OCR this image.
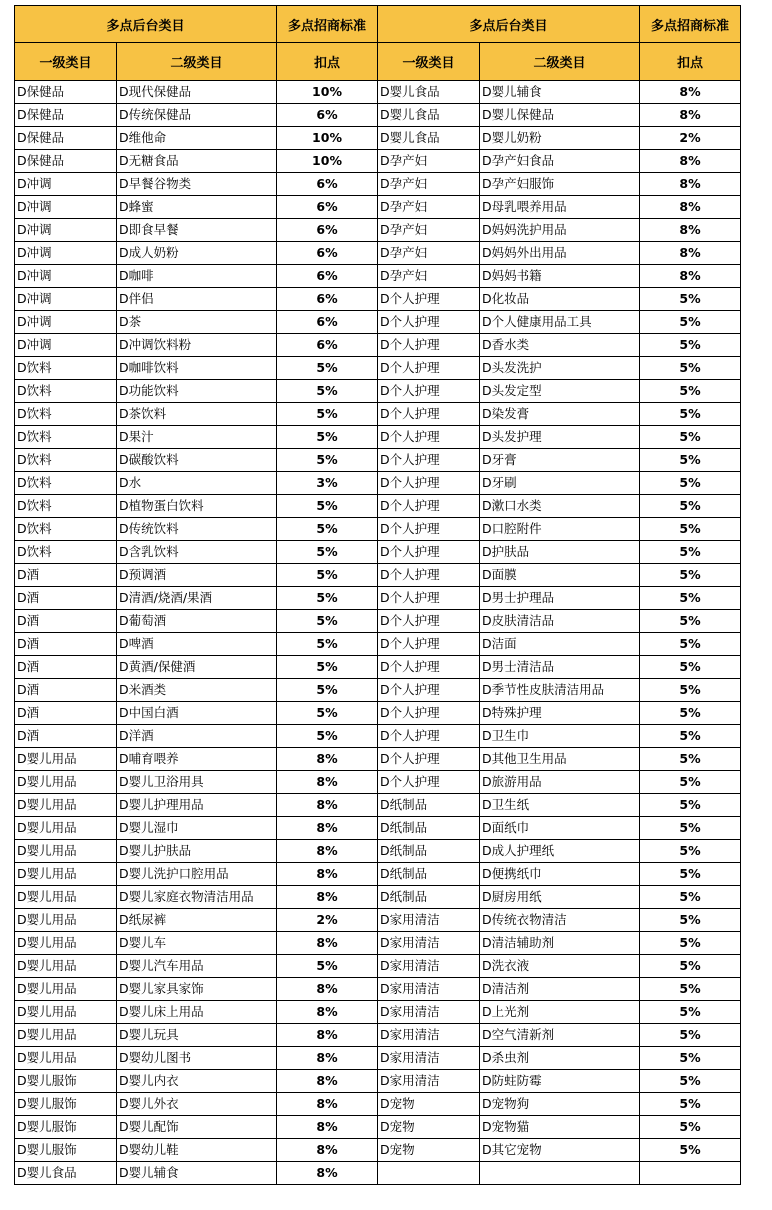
多点后台类目		多点招商标准	多点后台类目		多点招商标准
一级类目	二级类目	扣点	一级类目	二级类目	扣点
D保健品	D现代保健品	10%	D婴儿食品	D婴儿辅食	8%
D保健品	D传统保健品	6%	D婴儿食品	D婴儿保健品	8%
D保健品	D维他命	10%	D婴儿食品	D婴儿奶粉	2%
D保健品	D无糖食品	10%	D孕产妇	D孕产妇食品	8%
D冲调	D早餐谷物类	6%	D孕产妇	D孕产妇服饰	8%
D冲调	D蜂蜜	6%	D孕产妇	D母乳喂养用品	8%
D冲调	D即食早餐	6%	D孕产妇	D妈妈洗护用品	8%
D冲调	D成人奶粉	6%	D孕产妇	D妈妈外出用品	8%
D冲调	D咖啡	6%	D孕产妇	D妈妈书籍	8%
D冲调	D伴侣	6%	D个人护理	D化妆品	5%
D冲调	D茶	6%	D个人护理	D个人健康用品工具	5%
D冲调	D冲调饮料粉	6%	D个人护理	D香水类	5%
D饮料	D咖啡饮料	5%	D个人护理	D头发洗护	5%
D饮料	D功能饮料	5%	D个人护理	D头发定型	5%
D饮料	D茶饮料	5%	D个人护理	D染发膏	5%
D饮料	D果汁	5%	D个人护理	D头发护理	5%
D饮料	D碳酸饮料	5%	D个人护理	D牙膏	5%
D饮料	D水	3%	D个人护理	D牙刷	5%
D饮料	D植物蛋白饮料	5%	D个人护理	D漱口水类	5%
D饮料	D传统饮料	5%	D个人护理	D口腔附件	5%
D饮料	D含乳饮料	5%	D个人护理	D护肤品	5%
D酒	D预调酒	5%	D个人护理	D面膜	5%
D酒	D清酒/烧酒/果酒	5%	D个人护理	D男士护理品	5%
D酒	D葡萄酒	5%	D个人护理	D皮肤清洁品	5%
D酒	D啤酒	5%	D个人护理	D洁面	5%
D酒	D黄酒/保健酒	5%	D个人护理	D男士清洁品	5%
D酒	D米酒类	5%	D个人护理	D季节性皮肤清洁用品	5%
D酒	D中国白酒	5%	D个人护理	D特殊护理	5%
D酒	D洋酒	5%	D个人护理	D卫生巾	5%
D婴儿用品	D哺育喂养	8%	D个人护理	D其他卫生用品	5%
D婴儿用品	D婴儿卫浴用具	8%	D个人护理	D旅游用品	5%
D婴儿用品	D婴儿护理用品	8%	D纸制品	D卫生纸	5%
D婴儿用品	D婴儿湿巾	8%	D纸制品	D面纸巾	5%
D婴儿用品	D婴儿护肤品	8%	D纸制品	D成人护理纸	5%
D婴儿用品	D婴儿洗护口腔用品	8%	D纸制品	D便携纸巾	5%
D婴儿用品	D婴儿家庭衣物清洁用品	8%	D纸制品	D厨房用纸	5%
D婴儿用品	D纸尿裤	2%	D家用清洁	D传统衣物清洁	5%
D婴儿用品	D婴儿车	8%	D家用清洁	D清洁辅助剂	5%
D婴儿用品	D婴儿汽车用品	5%	D家用清洁	D洗衣液	5%
D婴儿用品	D婴儿家具家饰	8%	D家用清洁	D清洁剂	5%
D婴儿用品	D婴儿床上用品	8%	D家用清洁	D上光剂	5%
D婴儿用品	D婴儿玩具	8%	D家用清洁	D空气清新剂	5%
D婴儿用品	D婴幼儿图书	8%	D家用清洁	D杀虫剂	5%
D婴儿服饰	D婴儿内衣	8%	D家用清洁	D防蛀防霉	5%
D婴儿服饰	D婴儿外衣	8%	D宠物	D宠物狗	5%
D婴儿服饰	D婴儿配饰	8%	D宠物	D宠物猫	5%
D婴儿服饰	D婴幼儿鞋	8%	D宠物	D其它宠物	5%
D婴儿食品	D婴儿辅食	8%			
